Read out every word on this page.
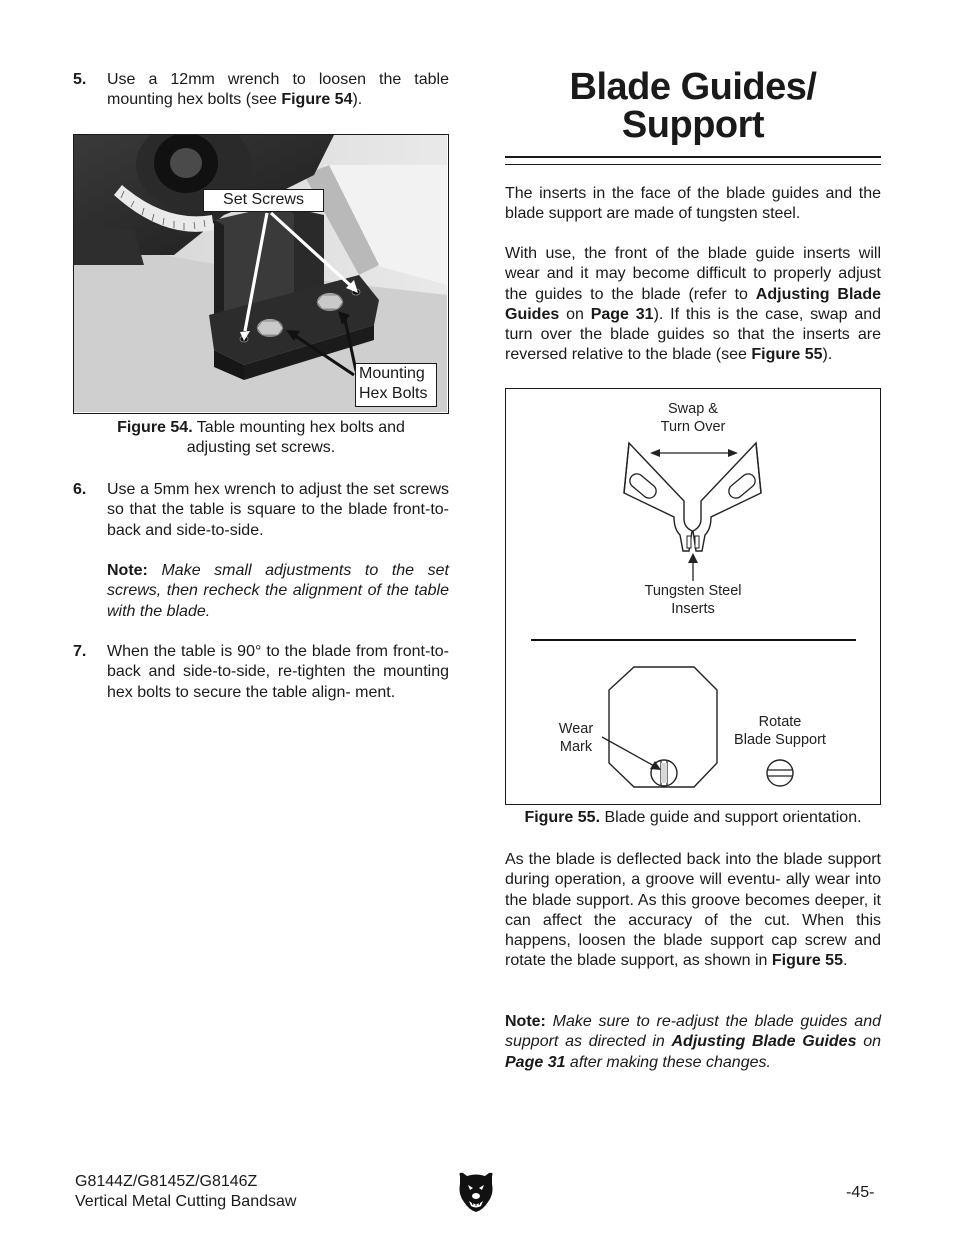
5. Use a 12mm wrench to loosen the table mounting hex bolts (see Figure 54).
Set Screws
Mounting
Hex Bolts
Figure 54. Table mounting hex bolts and
adjusting set screws.
6. Use a 5mm hex wrench to adjust the set screws so that the table is square to the blade front-to-back and side-to-side.
Note: Make small adjustments to the set screws, then recheck the alignment of the table with the blade.
7. When the table is 90° to the blade from front-to-back and side-to-side, re-tighten the mounting hex bolts to secure the table align- ment.
Blade Guides/
Support
The inserts in the face of the blade guides and the blade support are made of tungsten steel.
With use, the front of the blade guide inserts will wear and it may become difficult to properly adjust the guides to the blade (refer to Adjusting Blade Guides on Page 31). If this is the case, swap and turn over the blade guides so that the inserts are reversed relative to the blade (see Figure 55).
Swap &
Turn Over
Tungsten Steel
Inserts
Wear
Mark
Rotate
Blade Support
Figure 55. Blade guide and support orientation.
As the blade is deflected back into the blade support during operation, a groove will eventu- ally wear into the blade support. As this groove becomes deeper, it can affect the accuracy of the cut. When this happens, loosen the blade support cap screw and rotate the blade support, as shown in Figure 55.
Note: Make sure to re-adjust the blade guides and support as directed in Adjusting Blade Guides on Page 31 after making these changes.
G8144Z/G8145Z/G8146Z
Vertical Metal Cutting Bandsaw
-45-
